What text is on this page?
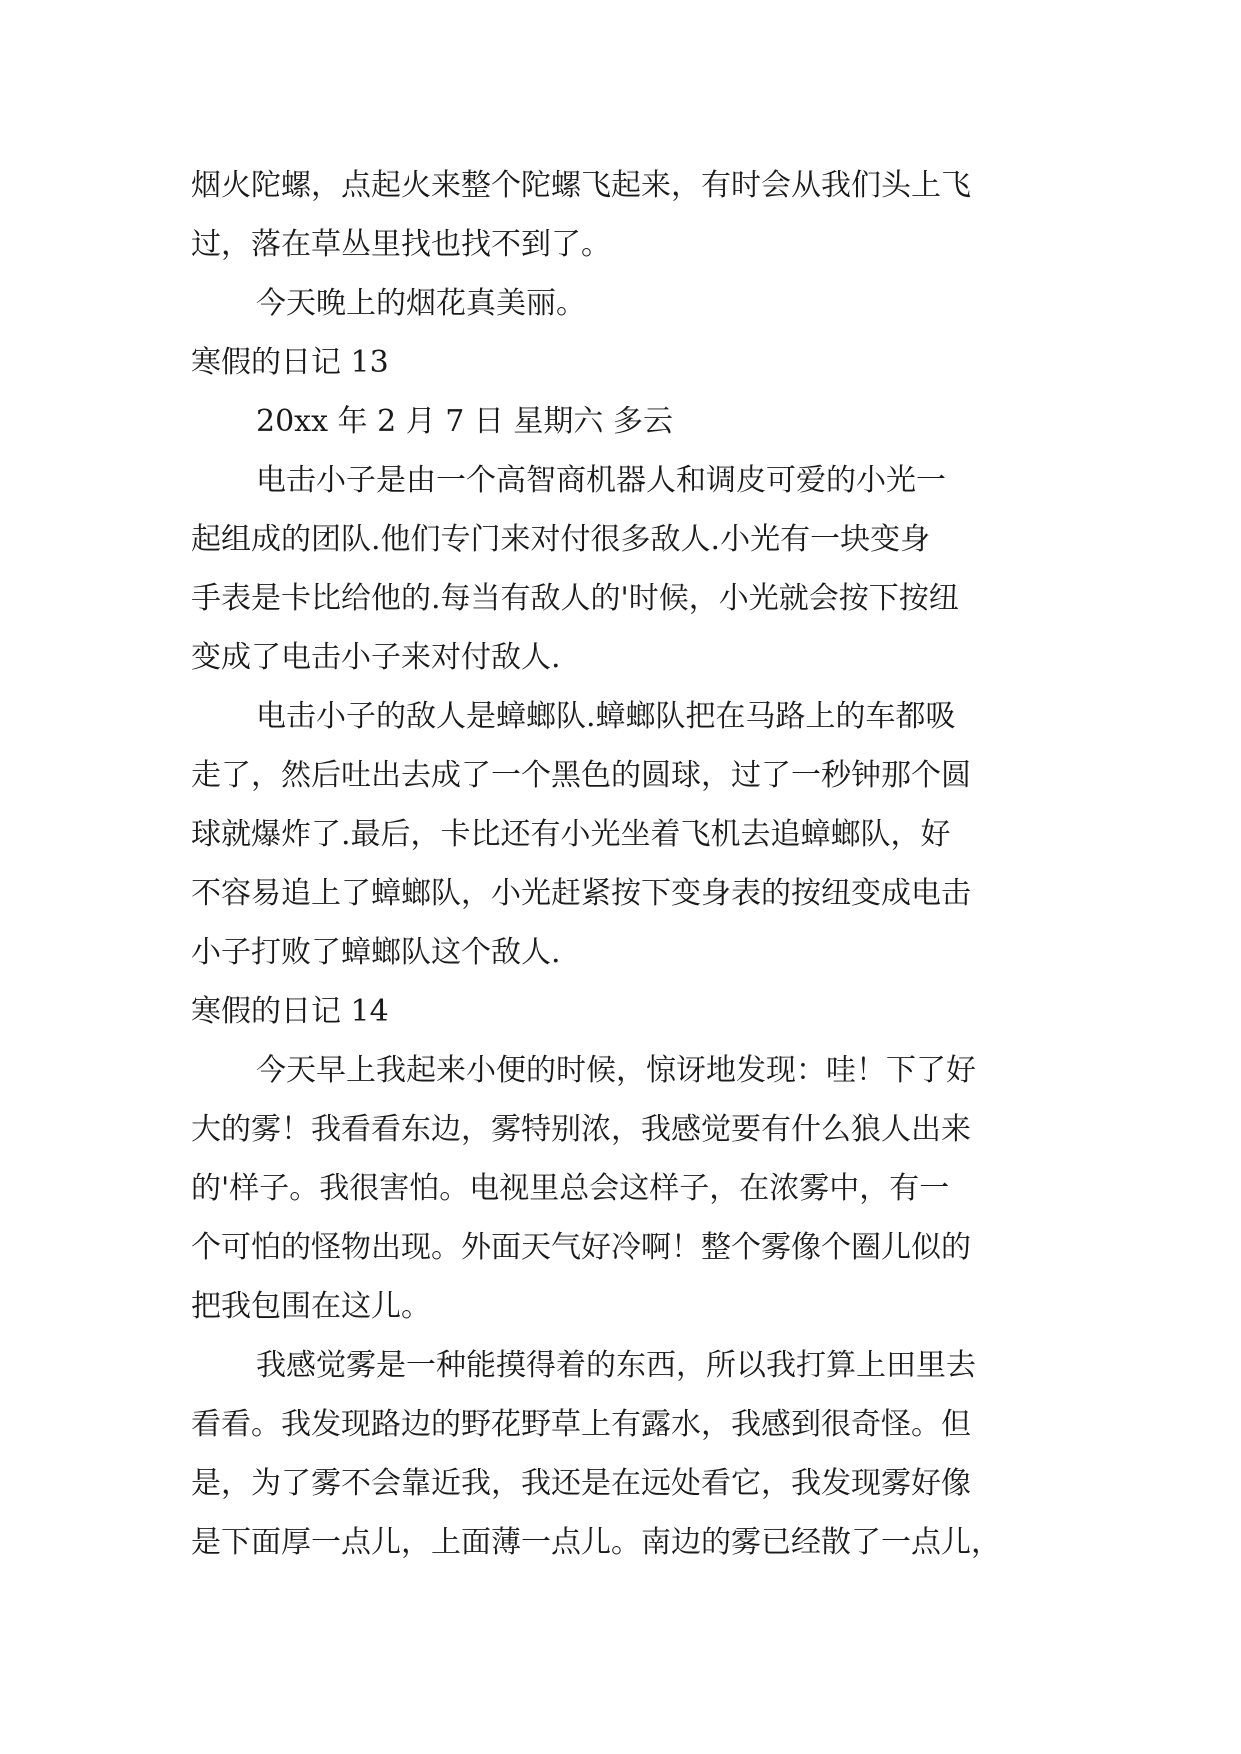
烟火陀螺，点起火来整个陀螺飞起来，有时会从我们头上飞
过，落在草丛里找也找不到了。
今天晚上的烟花真美丽。
寒假的日记 13
20xx 年 2 月 7 日 星期六 多云
电击小子是由一个高智商机器人和调皮可爱的小光一
起组成的团队.他们专门来对付很多敌人.小光有一块变身
手表是卡比给他的.每当有敌人的'时候，小光就会按下按纽
变成了电击小子来对付敌人.
电击小子的敌人是蟑螂队.蟑螂队把在马路上的车都吸
走了，然后吐出去成了一个黑色的圆球，过了一秒钟那个圆
球就爆炸了.最后，卡比还有小光坐着飞机去追蟑螂队，好
不容易追上了蟑螂队，小光赶紧按下变身表的按纽变成电击
小子打败了蟑螂队这个敌人.
寒假的日记 14
今天早上我起来小便的时候，惊讶地发现：哇！下了好
大的雾！我看看东边，雾特别浓，我感觉要有什么狼人出来
的'样子。我很害怕。电视里总会这样子，在浓雾中，有一
个可怕的怪物出现。外面天气好冷啊！整个雾像个圈儿似的
把我包围在这儿。
我感觉雾是一种能摸得着的东西，所以我打算上田里去
看看。我发现路边的野花野草上有露水，我感到很奇怪。但
是，为了雾不会靠近我，我还是在远处看它，我发现雾好像
是下面厚一点儿，上面薄一点儿。南边的雾已经散了一点儿，
